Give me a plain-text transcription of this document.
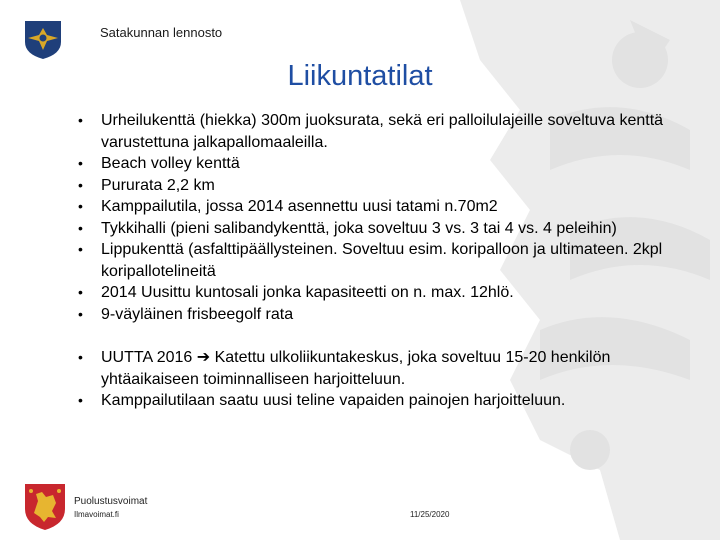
Satakunnan lennosto
Liikuntatilat
• Urheilukenttä (hiekka) 300m juoksurata, sekä eri palloilulajeille soveltuva kenttä varustettuna jalkapallomaaleilla.
• Beach volley kenttä
• Pururata 2,2 km
• Kamppailutila, jossa 2014 asennettu uusi tatami n.70m2
• Tykkihalli (pieni salibandykenttä, joka soveltuu 3 vs. 3 tai 4 vs. 4 peleihin)
• Lippukenttä (asfalttipäällysteinen. Soveltuu esim. koripalloon ja ultimateen. 2kpl koripallotelineitä
• 2014 Uusittu kuntosali jonka kapasiteetti on n. max. 12hlö.
• 9-väyläinen frisbeegolf rata
• UUTTA 2016 ➔ Katettu ulkoliikuntakeskus, joka soveltuu 15-20 henkilön yhtäaikaiseen toiminnalliseen harjoitteluun.
• Kamppailutilaan saatu uusi teline vapaiden painojen harjoitteluun.
Puolustusvoimat
Ilmavoimat.fi	11/25/2020
